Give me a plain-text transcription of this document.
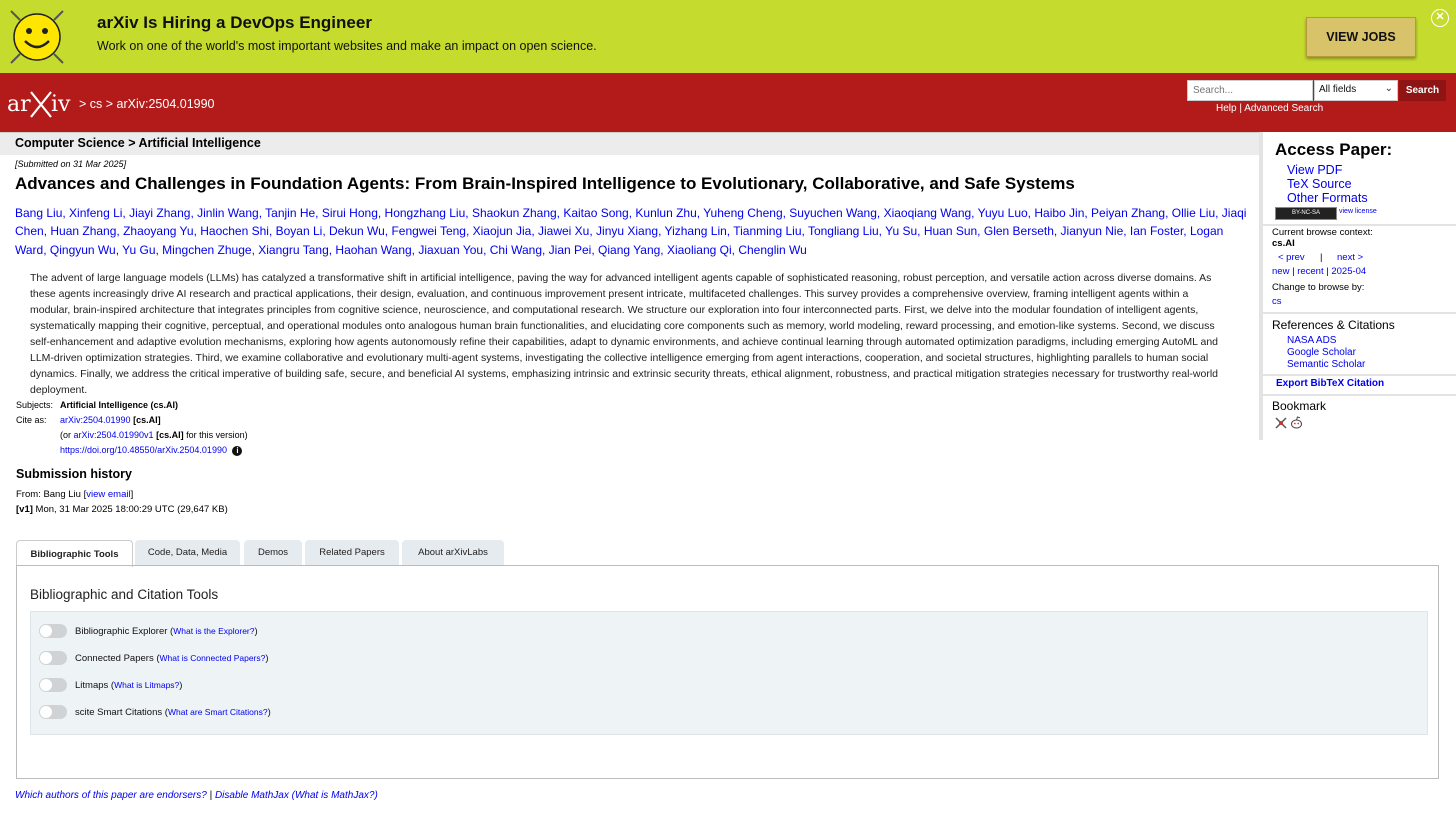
arXiv Is Hiring a DevOps Engineer
Work on one of the world's most important websites and make an impact on open science.
VIEW JOBS
✕
ar iv > cs > arXiv:2504.01990
Search...
All fields	⌄	Search
Help | Advanced Search
Computer Science > Artificial Intelligence
[Submitted on 31 Mar 2025]
Advances and Challenges in Foundation Agents: From Brain-Inspired Intelligence to Evolutionary, Collaborative, and Safe Systems
Bang Liu, Xinfeng Li, Jiayi Zhang, Jinlin Wang, Tanjin He, Sirui Hong, Hongzhang Liu, Shaokun Zhang, Kaitao Song, Kunlun Zhu, Yuheng Cheng, Suyuchen Wang, Xiaoqiang Wang, Yuyu Luo, Haibo Jin, Peiyan Zhang, Ollie Liu, Jiaqi Chen, Huan Zhang, Zhaoyang Yu, Haochen Shi, Boyan Li, Dekun Wu, Fengwei Teng, Xiaojun Jia, Jiawei Xu, Jinyu Xiang, Yizhang Lin, Tianming Liu, Tongliang Liu, Yu Su, Huan Sun, Glen Berseth, Jianyun Nie, Ian Foster, Logan Ward, Qingyun Wu, Yu Gu, Mingchen Zhuge, Xiangru Tang, Haohan Wang, Jiaxuan You, Chi Wang, Jian Pei, Qiang Yang, Xiaoliang Qi, Chenglin Wu
The advent of large language models (LLMs) has catalyzed a transformative shift in artificial intelligence, paving the way for advanced intelligent agents capable of sophisticated reasoning, robust perception, and versatile action across diverse domains. As these agents increasingly drive AI research and practical applications, their design, evaluation, and continuous improvement present intricate, multifaceted challenges. This survey provides a comprehensive overview, framing intelligent agents within a modular, brain-inspired architecture that integrates principles from cognitive science, neuroscience, and computational research. We structure our exploration into four interconnected parts. First, we delve into the modular foundation of intelligent agents, systematically mapping their cognitive, perceptual, and operational modules onto analogous human brain functionalities, and elucidating core components such as memory, world modeling, reward processing, and emotion-like systems. Second, we discuss self-enhancement and adaptive evolution mechanisms, exploring how agents autonomously refine their capabilities, adapt to dynamic environments, and achieve continual learning through automated optimization paradigms, including emerging AutoML and LLM-driven optimization strategies. Third, we examine collaborative and evolutionary multi-agent systems, investigating the collective intelligence emerging from agent interactions, cooperation, and societal structures, highlighting parallels to human social dynamics. Finally, we address the critical imperative of building safe, secure, and beneficial AI systems, emphasizing intrinsic and extrinsic security threats, ethical alignment, robustness, and practical mitigation strategies necessary for trustworthy real-world deployment.
Subjects:	Artificial Intelligence (cs.AI)
Cite as:	arXiv:2504.01990 [cs.AI]
	(or arXiv:2504.01990v1 [cs.AI] for this version)
	https://doi.org/10.48550/arXiv.2504.01990 i
Submission history
From: Bang Liu [view email]
[v1] Mon, 31 Mar 2025 18:00:29 UTC (29,647 KB)
Bibliographic Tools	Code, Data, Media	Demos	Related Papers	About arXivLabs
Bibliographic and Citation Tools
Bibliographic Explorer ( What is the Explorer? )
Connected Papers ( What is Connected Papers? )
Litmaps ( What is Litmaps? )
scite Smart Citations ( What are Smart Citations? )
Which authors of this paper are endorsers? | Disable MathJax (What is MathJax?)
Access Paper:
View PDF
TeX Source
Other Formats
BY-NC-SA	view license
Current browse context:
cs.AI
< prev | next >
new | recent | 2025-04
Change to browse by:
cs
References & Citations
NASA ADS
Google Scholar
Semantic Scholar
Export BibTeX Citation
Bookmark
